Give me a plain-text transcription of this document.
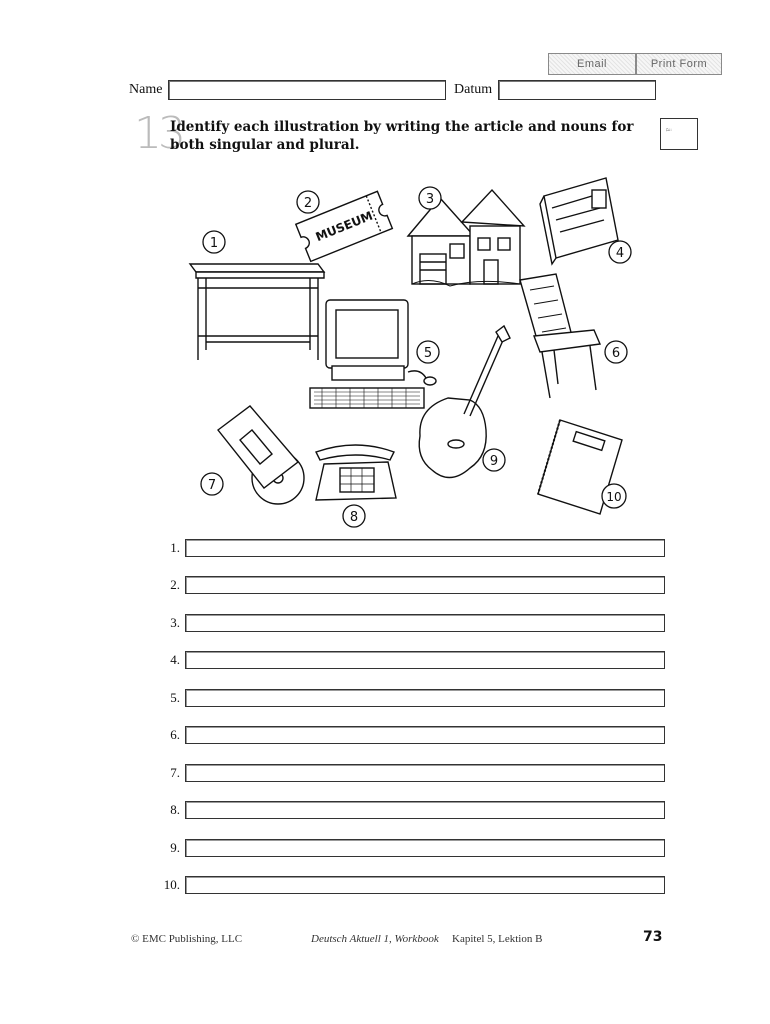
Email	Print Form
Name	Datum
13
Identify each illustration by writing the article and nouns for both singular and plural.
ä
MUSEUM
1
2	3
4
5	6
7
8
9
10
1.
2.
3.
4.
5.
6.
7.
8.
9.
10.
© EMC Publishing, LLC	Deutsch Aktuell 1, Workbook Kapitel 5, Lektion B	73
